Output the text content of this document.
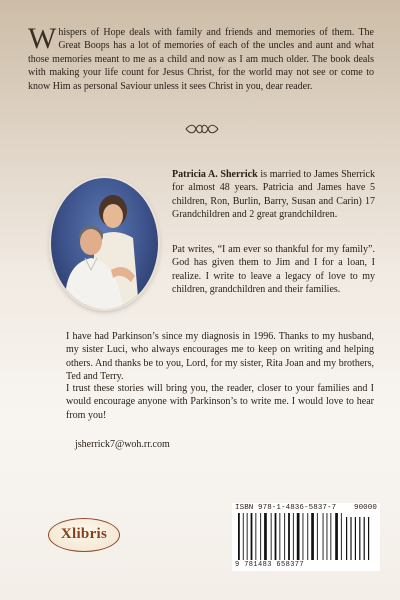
Whispers of Hope deals with family and friends and memories of them. The Great Boops has a lot of memories of each of the uncles and aunt and what those memories meant to me as a child and now as I am much older. The book deals with making your life count for Jesus Christ, for the world may not see or come to know Him as personal Saviour unless it sees Christ in you, dear reader.
Patricia A. Sherrick is married to James Sherrick for almost 48 years. Patricia and James have 5 children, Ron, Burlin, Barry, Susan and Carin) 17 Grandchildren and 2 great grandchildren.
Pat writes, “I am ever so thankful for my family”. God has given them to Jim and I for a loan, I realize. I write to leave a legacy of love to my children, grandchildren and their families.
I have had Parkinson’s since my diagnosis in 1996. Thanks to my husband, my sister Luci, who always encourages me to keep on writing and helping others. And thanks be to you, Lord, for my sister, Rita Joan and my brothers, Ted and Terry.
I trust these stories will bring you, the reader, closer to your families and I would encourage anyone with Parkinson’s to write me. I would love to hear from you!
jsherrick7@woh.rr.com
Xlibris
ISBN 978-1-4836-5837-7 90000
9 781483 658377
